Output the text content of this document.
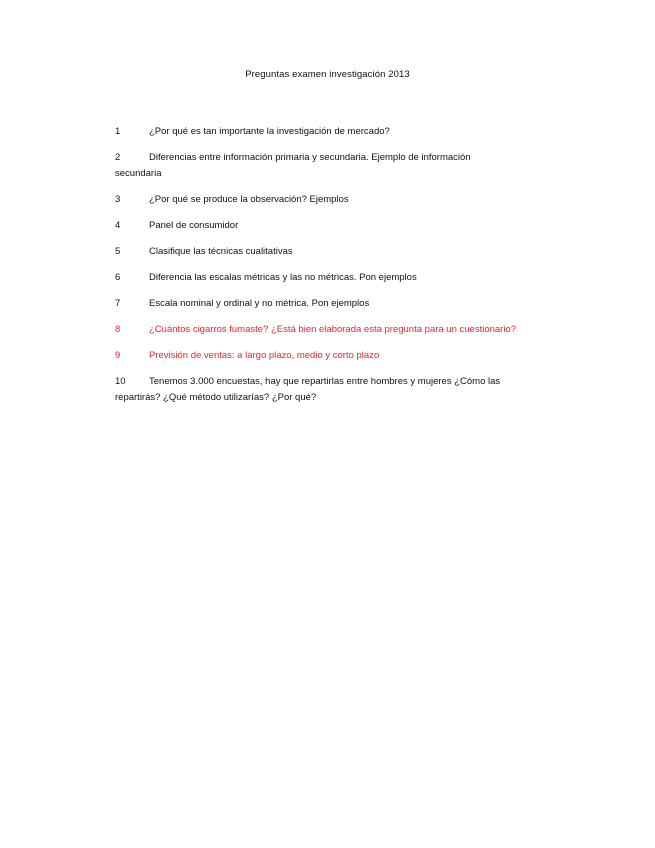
Preguntas examen investigación 2013
1	¿Por qué es tan importante la investigación de mercado?
2	Diferencias entre información primaria y secundaria. Ejemplo de información
secundaria
3	¿Por qué se produce la observación? Ejemplos
4	Panel de consumidor
5	Clasifique las técnicas cualitativas
6	Diferencia las escalas métricas y las no métricas. Pon ejemplos
7	Escala nominal y ordinal y no métrica. Pon ejemplos
8	¿Cuántos cigarros fumaste? ¿Está bien elaborada esta pregunta para un cuestionario?
9	Previsión de ventas: a largo plazo, medio y corto plazo
10	Tenemos 3.000 encuestas, hay que repartirlas entre hombres y mujeres ¿Cómo las
repartirás? ¿Qué método utilizarías? ¿Por qué?
